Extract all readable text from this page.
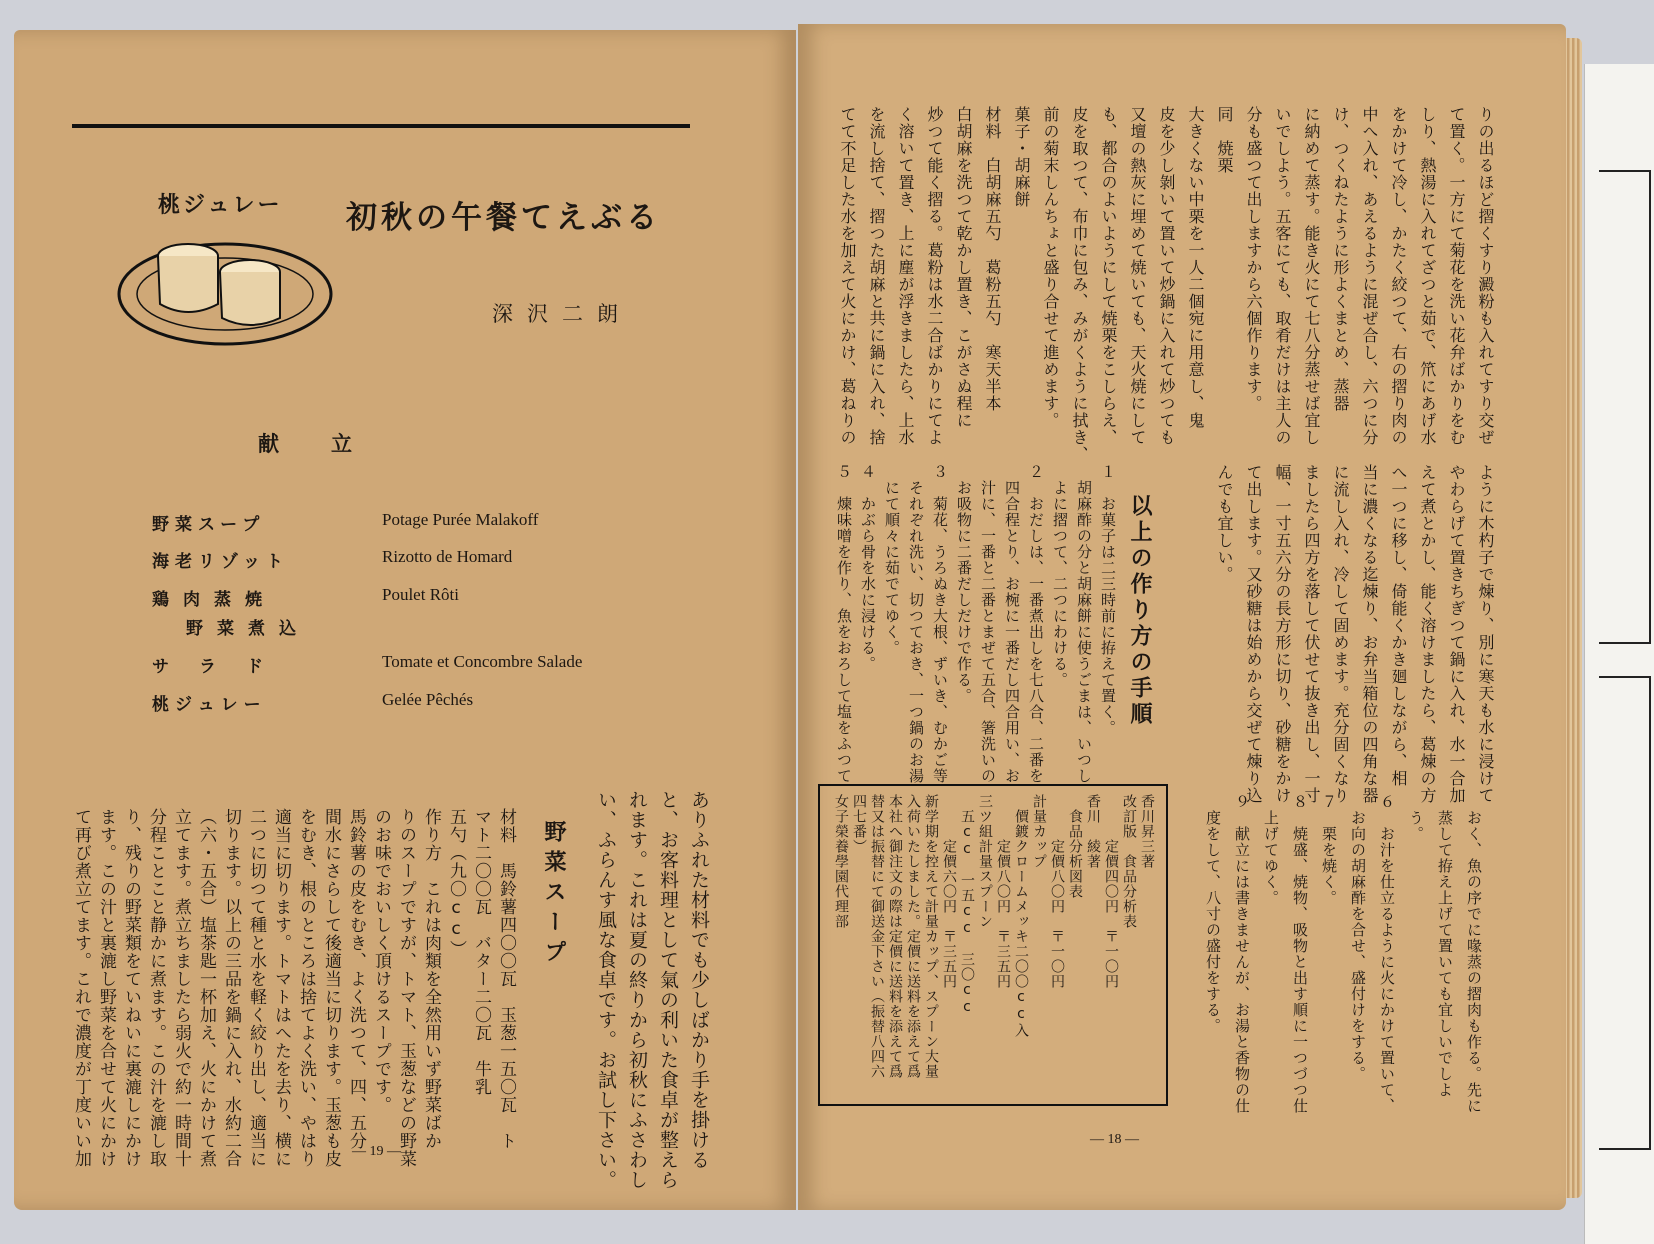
桃ジュレー 初秋の午餐てえぶる
深沢二朗
献立
野菜スープ	Potage Purée Malakoff
海老リゾット	Rizotto de Homard
鶏肉蒸焼	Poulet Rôti
野菜煮込
サラド	Tomate et Concombre Salade
桃ジュレー	Gelée Pêchés
ありふれた材料でも少しばかり手を掛ける
と、お客料理として氣の利いた食卓が整えら
れます。これは夏の終りから初秋にふさわし
い、ふらんす風な食卓です。お試し下さい。
野菜スープ
材料　馬鈴薯四〇〇瓦　玉葱一五〇瓦　ト
マト二〇〇瓦　バター二〇瓦　牛乳
五勺（九〇cc）
作り方　これは肉類を全然用いず野菜ばか
りのスープですが、トマト、玉葱などの野菜
のお味でおいしく頂けるスープです。
馬鈴薯の皮をむき、よく洗つて、四、五分
間水にさらして後適当に切ります。玉葱も皮
をむき、根のところは捨てよく洗い、やはり
適当に切ります。トマトはへたを去り、横に
二つに切つて種と水を軽く絞り出し、適当に
切ります。以上の三品を鍋に入れ、水約二合
（六・五合）塩茶匙一杯加え、火にかけて煮
立てます。煮立ちましたら弱火で約一時間十
分程ことこと静かに煮ます。この汁を漉し取
り、残りの野菜類をていねいに裏漉しにかけ
ます。この汁と裏漉し野菜を合せて火にかけ
て再び煮立てます。これで濃度が丁度いい加	— 19 —
りの出るほど摺くすり澱粉も入れてすり交ぜ
て置く。一方にて菊花を洗い花弁ばかりをむ
しり、熱湯に入れてざつと茹で、笊にあげ水
をかけて冷し、かたく絞つて、右の摺り肉の
中へ入れ、あえるように混ぜ合し、六つに分
け、つくねたように形よくまとめ、蒸器
に納めて蒸す。能き火にて七八分蒸せば宜し
いでしよう。五客にても、取肴だけは主人の
分も盛つて出しますから六個作ります。
同　焼栗
大きくない中栗を一人二個宛に用意し、鬼
皮を少し剝いて置いて炒鍋に入れて炒つても
又壇の熱灰に埋めて焼いても、天火焼にして
も、都合のよいようにして焼栗をこしらえ、
皮を取つて、布巾に包み、みがくように拭き、
前の菊末しんちょと盛り合せて進めます。
菓子・胡麻餅
材料　白胡麻五勺　葛粉五勺　寒天半本
白胡麻を洗つて乾かし置き、こがさぬ程に
炒つて能く摺る。葛粉は水二合ばかりにてよ
く溶いて置き、上に塵が浮きましたら、上水
を流し捨て、摺つた胡麻と共に鍋に入れ、捨
てて不足した水を加えて火にかけ、葛ねりの
ように木杓子で煉り、別に寒天も水に浸けて
やわらげて置きちぎつて鍋に入れ、水一合加
えて煮とかし、能く溶けましたら、葛煉の方
へ一つに移し、倚能くかき廻しながら、相
当に濃くなる迄煉り、お弁当箱位の四角な器
に流し入れ、冷して固めます。充分固くなり
ましたら四方を落して伏せて抜き出し、一寸
幅、一寸五六分の長方形に切り、砂糖をかけ
て出します。又砂糖は始めから交ぜて煉り込
んでも宜しい。
以上の作り方の手順
１　お菓子は二三時前に拵えて置く。
　胡麻酢の分と胡麻餅に使うごまは、いつし
　よに摺つて、二つにわける。
２　おだしは、一番煮出しを七八合、二番を
　四合程とり、お椀に一番だし四合用い、お
　汁に、一番と二番とまぜて五合、箸洗いの
　お吸物に二番だしだけで作る。
３　菊花、うろぬき大根、ずいき、むかご等
　それぞれ洗い、切つておき、一つ鍋のお湯
　にて順々に茹でてゆく。
４　かぶら骨を水に浸ける。
５　煉味噌を作り、魚をおろして塩をふつて
　おく、魚の序でに喙蒸の摺肉も作る。先に
　蒸して拵え上げて置いても宜しいでしよ
　う。
６　お汁を仕立るように火にかけて置いて、
　お向の胡麻酢を合せ、盛付けをする。
７　栗を焼く。
８　焼盛、焼物、吸物と出す順に一つづつ仕
　上げてゆく。
９　献立には書きませんが、お湯と香物の仕
　度をして、八寸の盛付をする。
香川昇三著
改訂版　食品分析表
　　　定價四〇円　〒一〇円
香川　綾著
　食品分析図表
　　　定價八〇円　〒一〇円
計量カップ
　價鍍クロームメッキ二〇〇cc入
　　　定價八〇円　〒三五円
三ツ組計量スプーン
　五cc　一五cc　三〇cc
　　　定價六〇円　〒三五円
新学期を控えて計量カップ、スプーン大量
入荷いたしました。定價に送料を添えて爲
本社へ御注文の際は定價に送料を添えて爲
替又は振替にて御送金下さい（振替八四六
四七番）
女子榮養學園代理部
— 18 —
